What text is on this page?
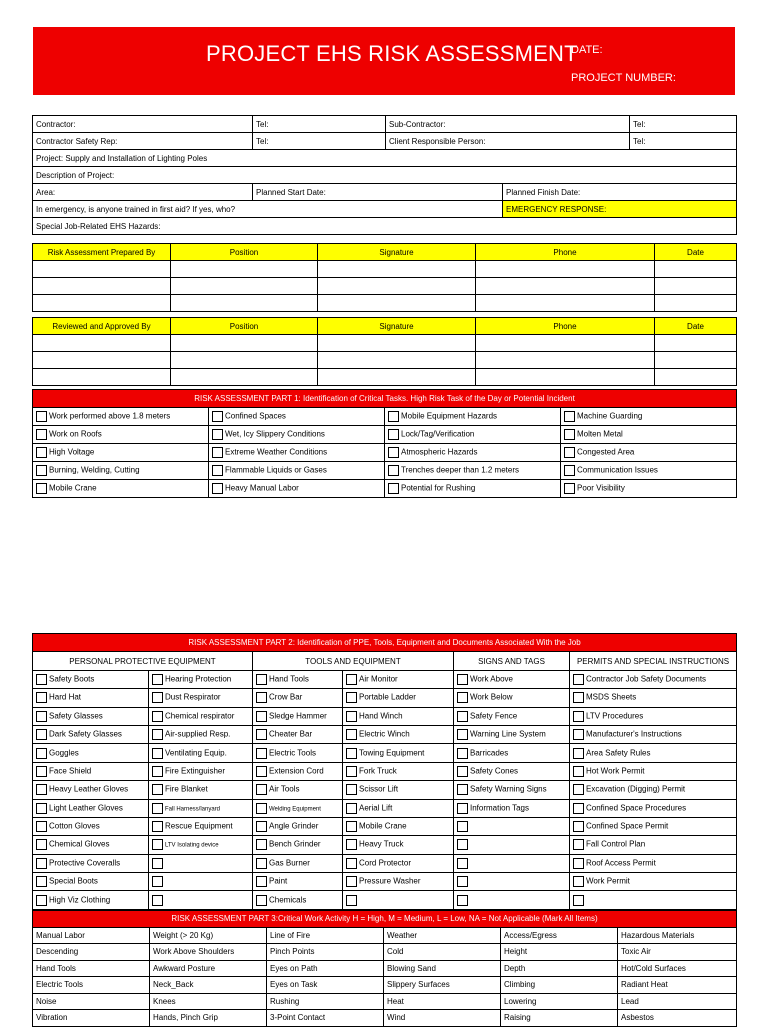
PROJECT EHS RISK ASSESSMENT
DATE:
PROJECT NUMBER:
Contractor:	Tel:	Sub-Contractor:		Tel:
Contractor Safety Rep:	Tel:	Client Responsible Person:		Tel:
Project: Supply and Installation of Lighting Poles				
Description of Project:				
Area:	Planned Start Date:		Planned Finish Date:	
In emergency, is anyone trained in first aid? If yes, who?			EMERGENCY RESPONSE:	
Special Job-Related EHS Hazards:				
Risk Assessment Prepared By	Position	Signature	Phone	Date

Reviewed and Approved By	Position	Signature	Phone	Date

RISK ASSESSMENT PART 1: Identification of Critical Tasks. High Risk Task of the Day or Potential Incident			
Work performed above 1.8 meters	Confined Spaces	Mobile Equipment Hazards	Machine Guarding
Work on Roofs	Wet, Icy Slippery Conditions	Lock/Tag/Verification	Molten Metal
High Voltage	Extreme Weather Conditions	Atmospheric Hazards	Congested Area
Burning, Welding, Cutting	Flammable Liquids or Gases	Trenches deeper than 1.2 meters	Communication Issues
Mobile Crane	Heavy Manual Labor	Potential for Rushing	Poor Visibility
RISK ASSESSMENT PART 2: Identification of PPE, Tools, Equipment and Documents Associated With the Job					
PERSONAL PROTECTIVE EQUIPMENT		TOOLS AND EQUIPMENT		SIGNS AND TAGS	PERMITS AND SPECIAL INSTRUCTIONS
Safety Boots	Hearing Protection	Hand Tools	Air Monitor	Work Above	Contractor Job Safety Documents
Hard Hat	Dust Respirator	Crow Bar	Portable Ladder	Work Below	MSDS Sheets
Safety Glasses	Chemical respirator	Sledge Hammer	Hand Winch	Safety Fence	LTV Procedures
Dark Safety Glasses	Air-supplied Resp.	Cheater Bar	Electric Winch	Warning Line System	Manufacturer's Instructions
Goggles	Ventilating Equip.	Electric Tools	Towing Equipment	Barricades	Area Safety Rules
Face Shield	Fire Extinguisher	Extension Cord	Fork Truck	Safety Cones	Hot Work Permit
Heavy Leather Gloves	Fire Blanket	Air Tools	Scissor Lift	Safety Warning Signs	Excavation (Digging) Permit
Light Leather Gloves	Fall Harness/lanyard	Welding Equipment	Aerial Lift	Information Tags	Confined Space Procedures
Cotton Gloves	Rescue Equipment	Angle Grinder	Mobile Crane		Confined Space Permit
Chemical Gloves	LTV Isolating device	Bench Grinder	Heavy Truck		Fall Control Plan
Protective Coveralls		Gas Burner	Cord Protector		Roof Access Permit
Special Boots		Paint	Pressure Washer		Work Permit
High Viz Clothing		Chemicals			
RISK ASSESSMENT PART 3:Critical Work Activity H = High, M = Medium, L = Low, NA = Not Applicable (Mark All Items)					
Manual Labor	Weight (> 20 Kg)	Line of Fire	Weather	Access/Egress	Hazardous Materials
Descending	Work Above Shoulders	Pinch Points	Cold	Height	Toxic Air
Hand Tools	Awkward Posture	Eyes on Path	Blowing Sand	Depth	Hot/Cold Surfaces
Electric Tools	Neck_Back	Eyes on Task	Slippery Surfaces	Climbing	Radiant Heat
Noise	Knees	Rushing	Heat	Lowering	Lead
Vibration	Hands, Pinch Grip	3-Point Contact	Wind	Raising	Asbestos
